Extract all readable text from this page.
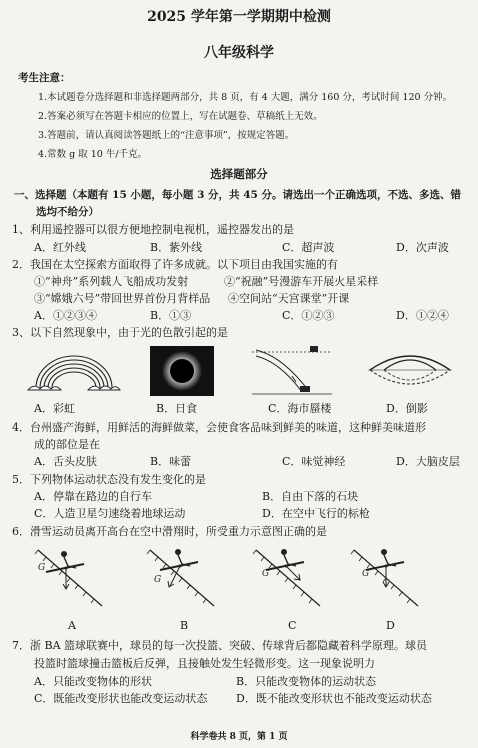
2025 学年第一学期期中检测
八年级科学
考生注意：
1.本试题卷分选择题和非选择题两部分，共 8 页，有 4 大题，满分 160 分，考试时间 120 分钟。
2.答案必须写在答题卡相应的位置上，写在试题卷、草稿纸上无效。
3.答题前，请认真阅读答题纸上的“注意事项”，按规定答题。
4.常数 g 取 10 牛/千克。
选择题部分
一、选择题（本题有 15 小题，每小题 3 分，共 45 分。请选出一个正确选项，不选、多选、错
选均不给分）
1、利用遥控器可以很方便地控制电视机，遥控器发出的是
A．红外线	B．紫外线	C．超声波	D．次声波
2．我国在太空探索方面取得了许多成就。以下项目由我国实施的有
①“神舟”系列载人飞船成功发射	②“祝融”号漫游车开展火星采样
③“嫦娥六号”带回世界首份月背样品 ④空间站“天宫课堂”开课
A．①②③④	B．①③	C．①②③	D．①②④
3、以下自然现象中，由于光的色散引起的是
A．彩虹	B．日食	C．海市蜃楼	D．倒影
4．台州盛产海鲜，用鲜活的海鲜做菜，会使食客品味到鲜美的味道，这种鲜美味道形
成的部位是在
A．舌头皮肤	B．味蕾	C．味觉神经	D．大脑皮层
5．下列物体运动状态没有发生变化的是
A．停靠在路边的自行车	B．自由下落的石块
C．人造卫星匀速绕着地球运动	D．在空中飞行的标枪
6．滑雪运动员离开高台在空中滑翔时，所受重力示意图正确的是
G
G
G	G
A	B	C	D
7．浙 BA 篮球联赛中，球员的每一次投篮、突破、传球背后都隐藏着科学原理。球员
投篮时篮球撞击篮板后反弹，且接触处发生轻微形变。这一现象说明力
A．只能改变物体的形状	B．只能改变物体的运动状态
C．既能改变形状也能改变运动状态	D．既不能改变形状也不能改变运动状态
科学卷共 8 页，第 1 页
